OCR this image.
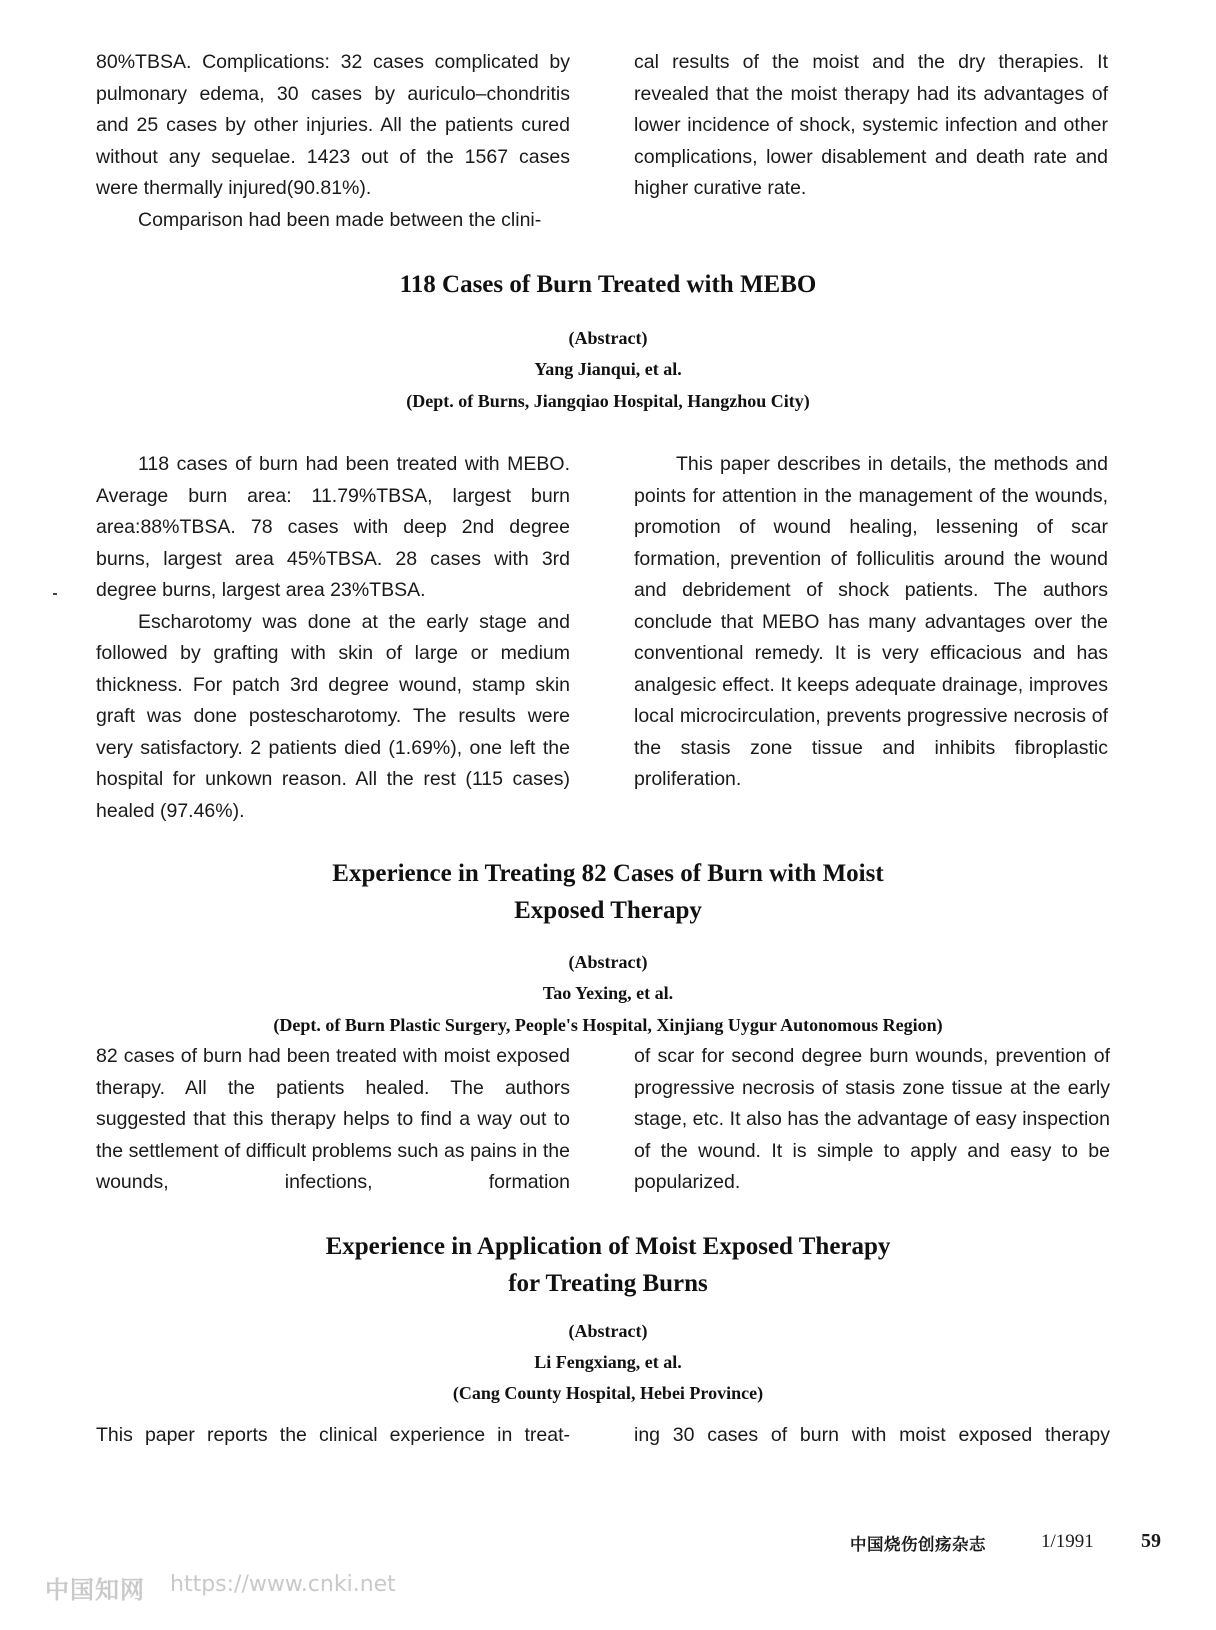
80%TBSA. Complications: 32 cases complicated by pulmonary edema, 30 cases by auriculo–chondritis and 25 cases by other injuries. All the patients cured without any sequelae. 1423 out of the 1567 cases were thermally injured(90.81%).

Comparison had been made between the clini-

cal results of the moist and the dry therapies. It revealed that the moist therapy had its advantages of lower incidence of shock, systemic infection and other complications, lower disablement and death rate and higher curative rate.

118 Cases of Burn Treated with MEBO
(Abstract)
Yang Jianqui, et al.
(Dept. of Burns, Jiangqiao Hospital, Hangzhou City)

118 cases of burn had been treated with MEBO. Average burn area: 11.79%TBSA, largest burn area:88%TBSA. 78 cases with deep 2nd degree burns, largest area 45%TBSA. 28 cases with 3rd degree burns, largest area 23%TBSA.

Escharotomy was done at the early stage and followed by grafting with skin of large or medium thickness. For patch 3rd degree wound, stamp skin graft was done postescharotomy. The results were very satisfactory. 2 patients died (1.69%), one left the hospital for unkown reason. All the rest (115 cases) healed (97.46%).

This paper describes in details, the methods and points for attention in the management of the wounds, promotion of wound healing, lessening of scar formation, prevention of folliculitis around the wound and debridement of shock patients. The authors conclude that MEBO has many advantages over the conventional remedy. It is very efficacious and has analgesic effect. It keeps adequate drainage, improves local microcirculation, prevents progressive necrosis of the stasis zone tissue and inhibits fibroplastic proliferation.

Experience in Treating 82 Cases of Burn with Moist
Exposed Therapy
(Abstract)
Tao Yexing, et al.
(Dept. of Burn Plastic Surgery, People's Hospital, Xinjiang Uygur Autonomous Region)

82 cases of burn had been treated with moist exposed therapy. All the patients healed. The authors suggested that this therapy helps to find a way out to the settlement of difficult problems such as pains in the wounds, infections, formation

of scar for second degree burn wounds, prevention of progressive necrosis of stasis zone tissue at the early stage, etc. It also has the advantage of easy inspection of the wound. It is simple to apply and easy to be popularized.

Experience in Application of Moist Exposed Therapy
for Treating Burns
(Abstract)
Li Fengxiang, et al.
(Cang County Hospital, Hebei Province)

This paper reports the clinical experience in treat-	ing 30 cases of burn with moist exposed therapy

中国烧伤创疡杂志	1/1991 59
中国知网 https://www.cnki.net
